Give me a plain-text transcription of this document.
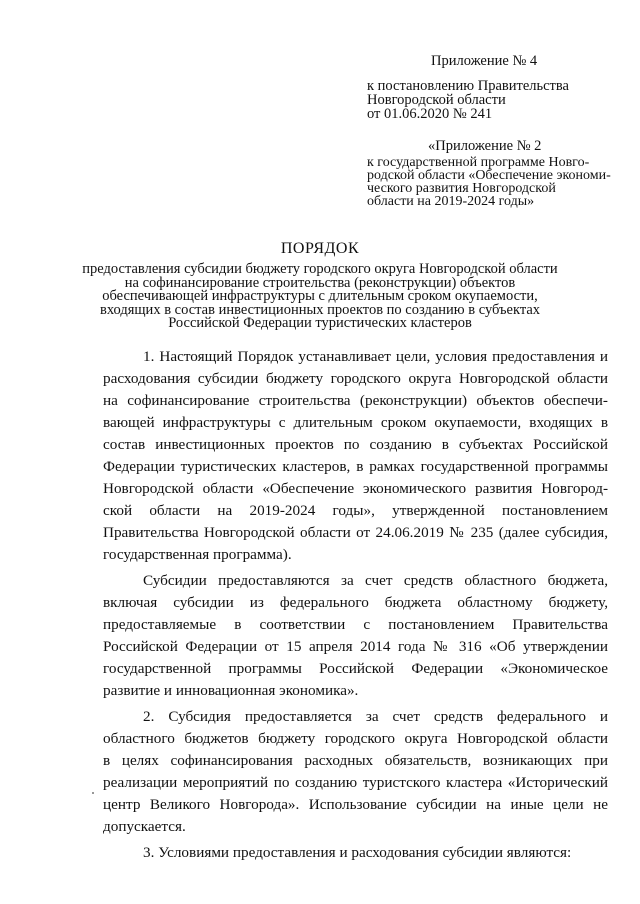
Приложение № 4
к постановлению Правительства
Новгородской области
от 01.06.2020 № 241
«Приложение № 2
к государственной программе Новго-
родской области «Обеспечение экономи-
ческого развития Новгородской
области на 2019-2024 годы»
ПОРЯДОК
предоставления субсидии бюджету городского округа Новгородской области
на софинансирование строительства (реконструкции) объектов
обеспечивающей инфраструктуры с длительным сроком окупаемости,
входящих в состав инвестиционных проектов по созданию в субъектах
Российской Федерации туристических кластеров

1. Настоящий Порядок устанавливает цели, условия предоставления и
расходования субсидии бюджету городского округа Новгородской области
на софинансирование строительства (реконструкции) объектов обеспечи-
вающей инфраструктуры с длительным сроком окупаемости, входящих в
состав инвестиционных проектов по созданию в субъектах Российской
Федерации туристических кластеров, в рамках государственной программы
Новгородской области «Обеспечение экономического развития Новгород-
ской области на 2019-2024 годы», утвержденной постановлением
Правительства Новгородской области от 24.06.2019 № 235 (далее субсидия,
государственная программа).

Субсидии предоставляются за счет средств областного бюджета,
включая субсидии из федерального бюджета областному бюджету,
предоставляемые в соответствии с постановлением Правительства
Российской Федерации от 15 апреля 2014 года № 316 «Об утверждении
государственной программы Российской Федерации «Экономическое
развитие и инновационная экономика».

2. Субсидия предоставляется за счет средств федерального и
областного бюджетов бюджету городского округа Новгородской области
в целях софинансирования расходных обязательств, возникающих при
реализации мероприятий по созданию туристского кластера «Исторический
центр Великого Новгорода». Использование субсидии на иные цели не
допускается.

3. Условиями предоставления и расходования субсидии являются:
